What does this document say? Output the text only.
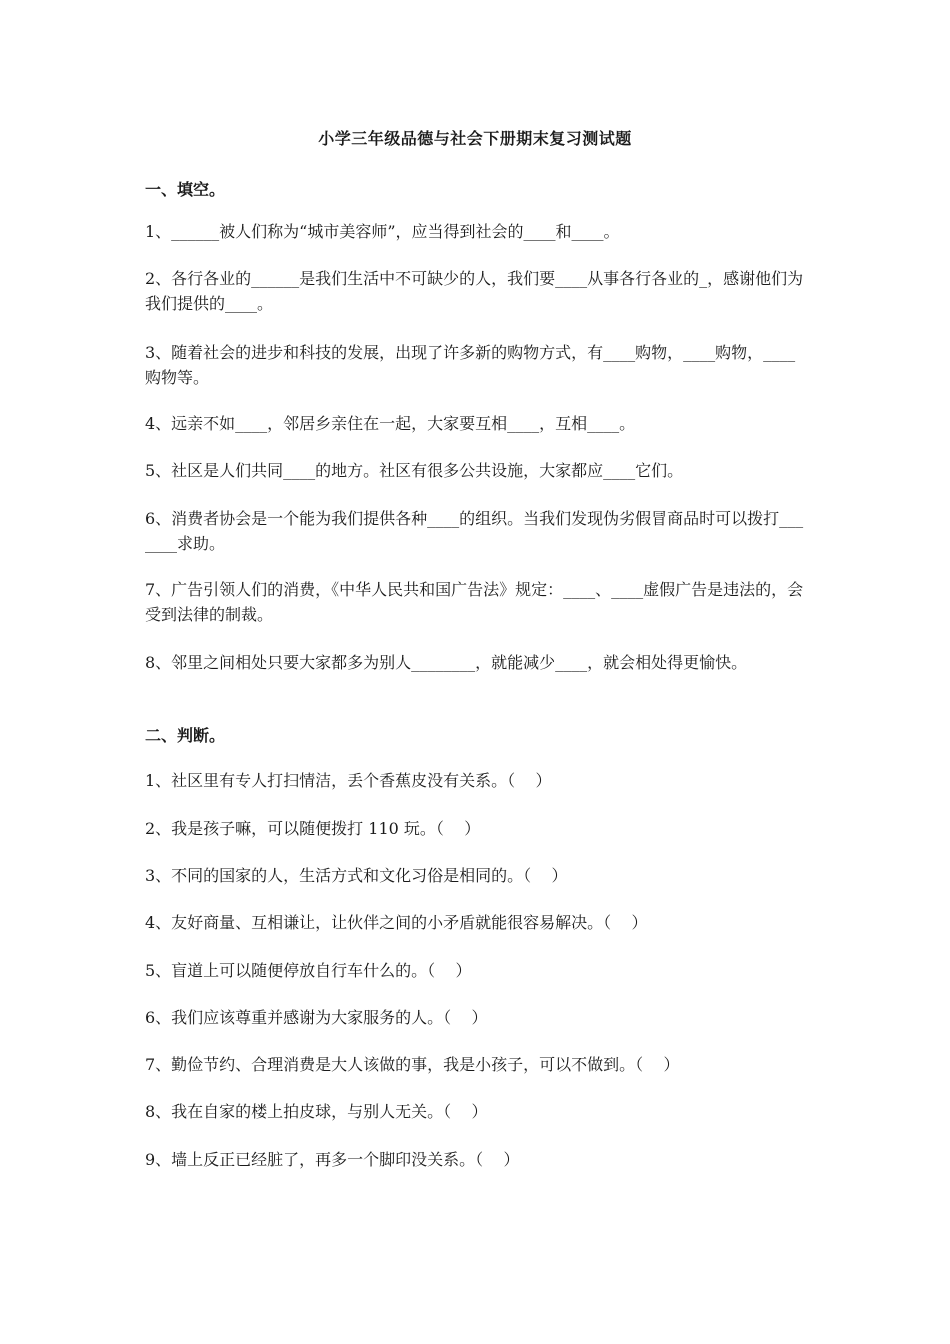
小学三年级品德与社会下册期末复习测试题
一、填空。
1、______被人们称为“城市美容师”，应当得到社会的____和____。
2、各行各业的______是我们生活中不可缺少的人，我们要____从事各行各业的_，感谢他们为我们提供的____。
3、随着社会的进步和科技的发展，出现了许多新的购物方式，有____购物，____购物，____购物等。
4、远亲不如____，邻居乡亲住在一起，大家要互相____，互相____。
5、社区是人们共同____的地方。社区有很多公共设施，大家都应____它们。
6、消费者协会是一个能为我们提供各种____的组织。当我们发现伪劣假冒商品时可以拨打_______求助。
7、广告引领人们的消费，《中华人民共和国广告法》规定：____、____虚假广告是违法的，会受到法律的制裁。
8、邻里之间相处只要大家都多为别人________，就能减少____，就会相处得更愉快。
二、判断。
1、社区里有专人打扫情洁，丢个香蕉皮没有关系。（    ）
2、我是孩子嘛，可以随便拨打 110 玩。（    ）
3、不同的国家的人，生活方式和文化习俗是相同的。（    ）
4、友好商量、互相谦让，让伙伴之间的小矛盾就能很容易解决。（    ）
5、盲道上可以随便停放自行车什么的。（    ）
6、我们应该尊重并感谢为大家服务的人。（    ）
7、勤俭节约、合理消费是大人该做的事，我是小孩子，可以不做到。（    ）
8、我在自家的楼上拍皮球，与别人无关。（    ）
9、墙上反正已经脏了，再多一个脚印没关系。（    ）
